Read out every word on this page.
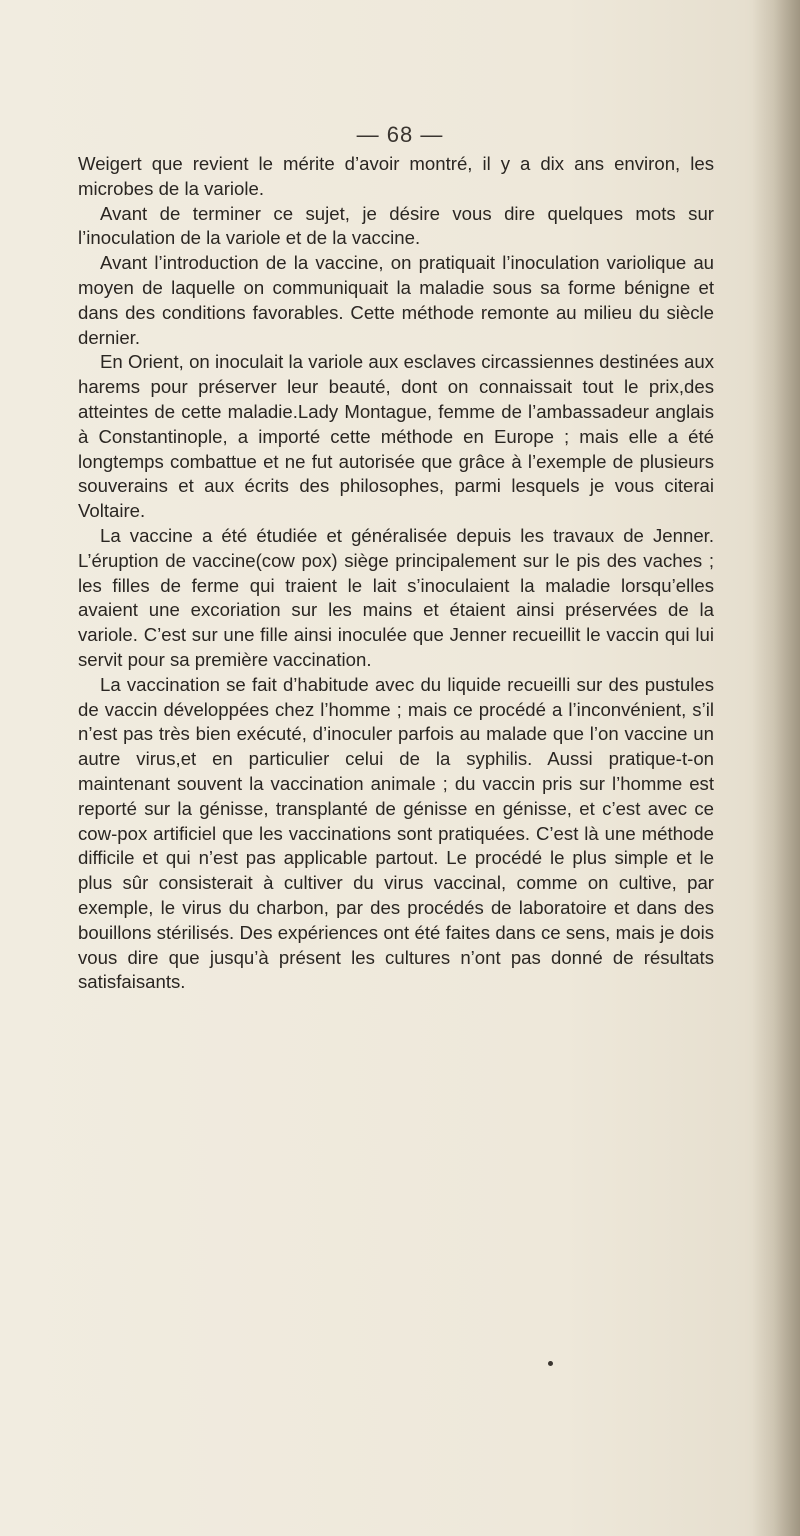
— 68 —

Weigert que revient le mérite d’avoir montré, il y a dix ans environ, les microbes de la variole.

Avant de terminer ce sujet, je désire vous dire quelques mots sur l’inoculation de la variole et de la vaccine.

Avant l’introduction de la vaccine, on pratiquait l’inoculation variolique au moyen de laquelle on communiquait la maladie sous sa forme bénigne et dans des conditions favorables. Cette méthode remonte au milieu du siècle dernier.

En Orient, on inoculait la variole aux esclaves circassiennes destinées aux harems pour préserver leur beauté, dont on connaissait tout le prix,des atteintes de cette maladie.Lady Montague, femme de l’ambassadeur anglais à Constantinople, a importé cette méthode en Europe ; mais elle a été longtemps combattue et ne fut autorisée que grâce à l’exemple de plusieurs souverains et aux écrits des philosophes, parmi lesquels je vous citerai Voltaire.

La vaccine a été étudiée et généralisée depuis les travaux de Jenner. L’éruption de vaccine(cow pox) siège principalement sur le pis des vaches ; les filles de ferme qui traient le lait s’inoculaient la maladie lorsqu’elles avaient une excoriation sur les mains et étaient ainsi préservées de la variole. C’est sur une fille ainsi inoculée que Jenner recueillit le vaccin qui lui servit pour sa première vaccination.

La vaccination se fait d’habitude avec du liquide recueilli sur des pustules de vaccin développées chez l’homme ; mais ce procédé a l’inconvénient, s’il n’est pas très bien exécuté, d’inoculer parfois au malade que l’on vaccine un autre virus,et en particulier celui de la syphilis. Aussi pratique-t-on maintenant souvent la vaccination animale ; du vaccin pris sur l’homme est reporté sur la génisse, transplanté de génisse en génisse, et c’est avec ce cow-pox artificiel que les vaccinations sont pratiquées. C’est là une méthode difficile et qui n’est pas applicable partout. Le procédé le plus simple et le plus sûr consisterait à cultiver du virus vaccinal, comme on cultive, par exemple, le virus du charbon, par des procédés de laboratoire et dans des bouillons stérilisés. Des expériences ont été faites dans ce sens, mais je dois vous dire que jusqu’à présent les cultures n’ont pas donné de résultats satisfaisants.
